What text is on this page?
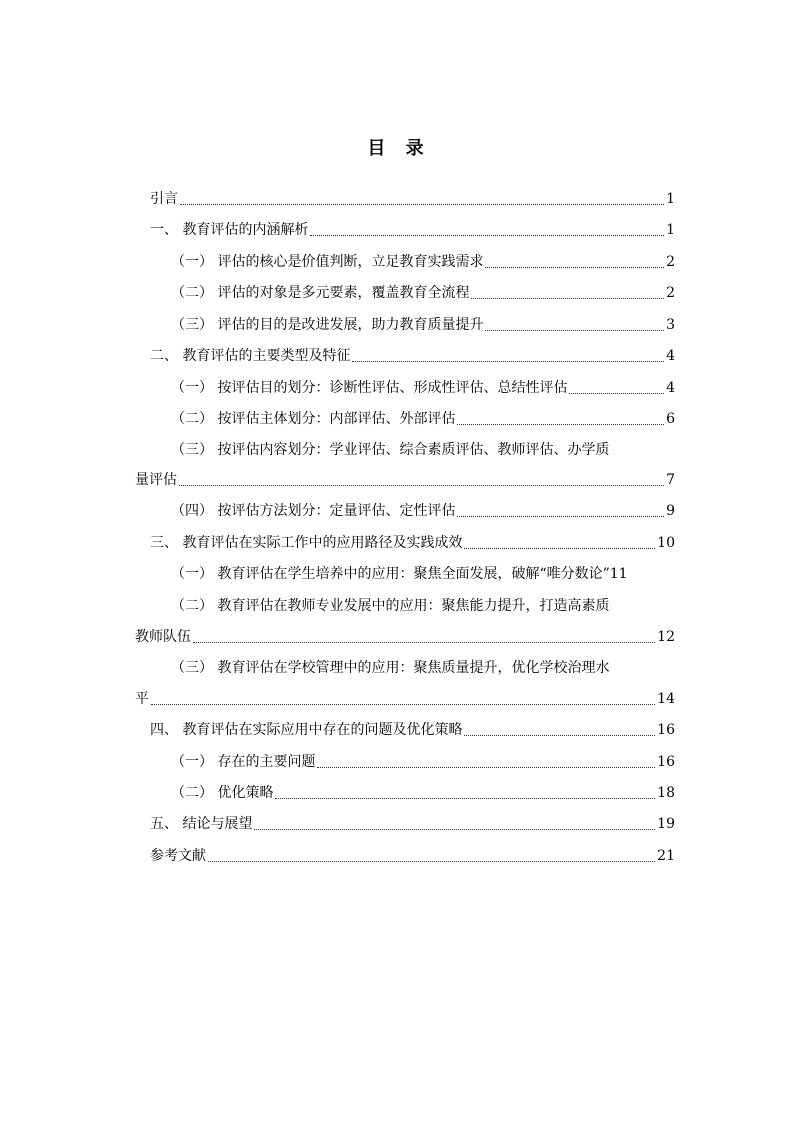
目 录
引言	1
一、 教育评估的内涵解析	1
（一） 评估的核心是价值判断，立足教育实践需求	2
（二） 评估的对象是多元要素，覆盖教育全流程	2
（三） 评估的目的是改进发展，助力教育质量提升	3
二、 教育评估的主要类型及特征	4
（一） 按评估目的划分：诊断性评估、形成性评估、总结性评估	4
（二） 按评估主体划分：内部评估、外部评估	6
（三） 按评估内容划分：学业评估、综合素质评估、教师评估、办学质
量评估	7
（四） 按评估方法划分：定量评估、定性评估	9
三、 教育评估在实际工作中的应用路径及实践成效	10
（一） 教育评估在学生培养中的应用：聚焦全面发展，破解“唯分数论” 11
（二） 教育评估在教师专业发展中的应用：聚焦能力提升，打造高素质
教师队伍	12
（三） 教育评估在学校管理中的应用：聚焦质量提升，优化学校治理水
平	14
四、 教育评估在实际应用中存在的问题及优化策略	16
（一） 存在的主要问题	16
（二） 优化策略	18
五、 结论与展望	19
参考文献	21
